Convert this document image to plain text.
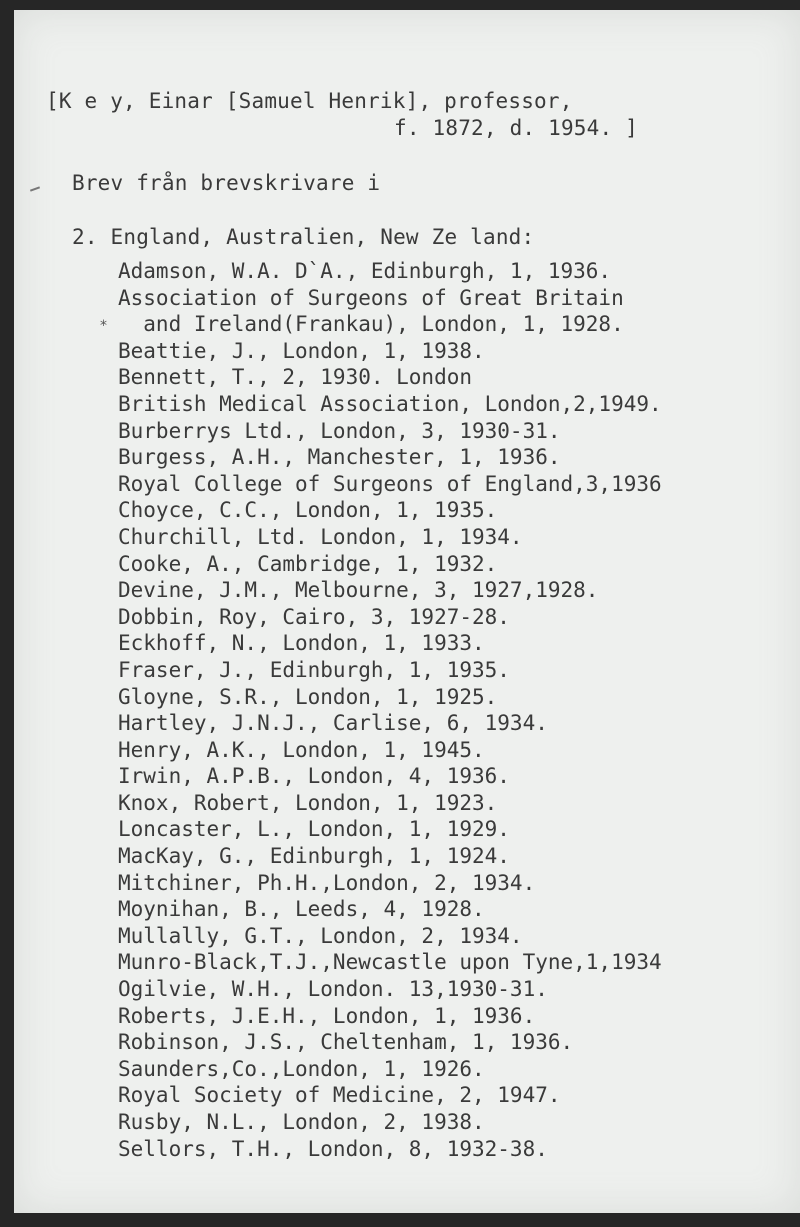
[K e y, Einar [Samuel Henrik], professor,

f. 1872, d. 1954. ]

Brev från brevskrivare i

2. England, Australien, New Ze land:

*
Adamson, W.A. D`A., Edinburgh, 1, 1936.
Association of Surgeons of Great Britain
and Ireland(Frankau), London, 1, 1928.
Beattie, J., London, 1, 1938.
Bennett, T., 2, 1930. London
British Medical Association, London,2,1949.
Burberrys Ltd., London, 3, 1930-31.
Burgess, A.H., Manchester, 1, 1936.
Royal College of Surgeons of England,3,1936
Choyce, C.C., London, 1, 1935.
Churchill, Ltd. London, 1, 1934.
Cooke, A., Cambridge, 1, 1932.
Devine, J.M., Melbourne, 3, 1927,1928.
Dobbin, Roy, Cairo, 3, 1927-28.
Eckhoff, N., London, 1, 1933.
Fraser, J., Edinburgh, 1, 1935.
Gloyne, S.R., London, 1, 1925.
Hartley, J.N.J., Carlise, 6, 1934.
Henry, A.K., London, 1, 1945.
Irwin, A.P.B., London, 4, 1936.
Knox, Robert, London, 1, 1923.
Loncaster, L., London, 1, 1929.
MacKay, G., Edinburgh, 1, 1924.
Mitchiner, Ph.H.,London, 2, 1934.
Moynihan, B., Leeds, 4, 1928.
Mullally, G.T., London, 2, 1934.
Munro-Black,T.J.,Newcastle upon Tyne,1,1934
Ogilvie, W.H., London. 13,1930-31.
Roberts, J.E.H., London, 1, 1936.
Robinson, J.S., Cheltenham, 1, 1936.
Saunders,Co.,London, 1, 1926.
Royal Society of Medicine, 2, 1947.
Rusby, N.L., London, 2, 1938.
Sellors, T.H., London, 8, 1932-38.
